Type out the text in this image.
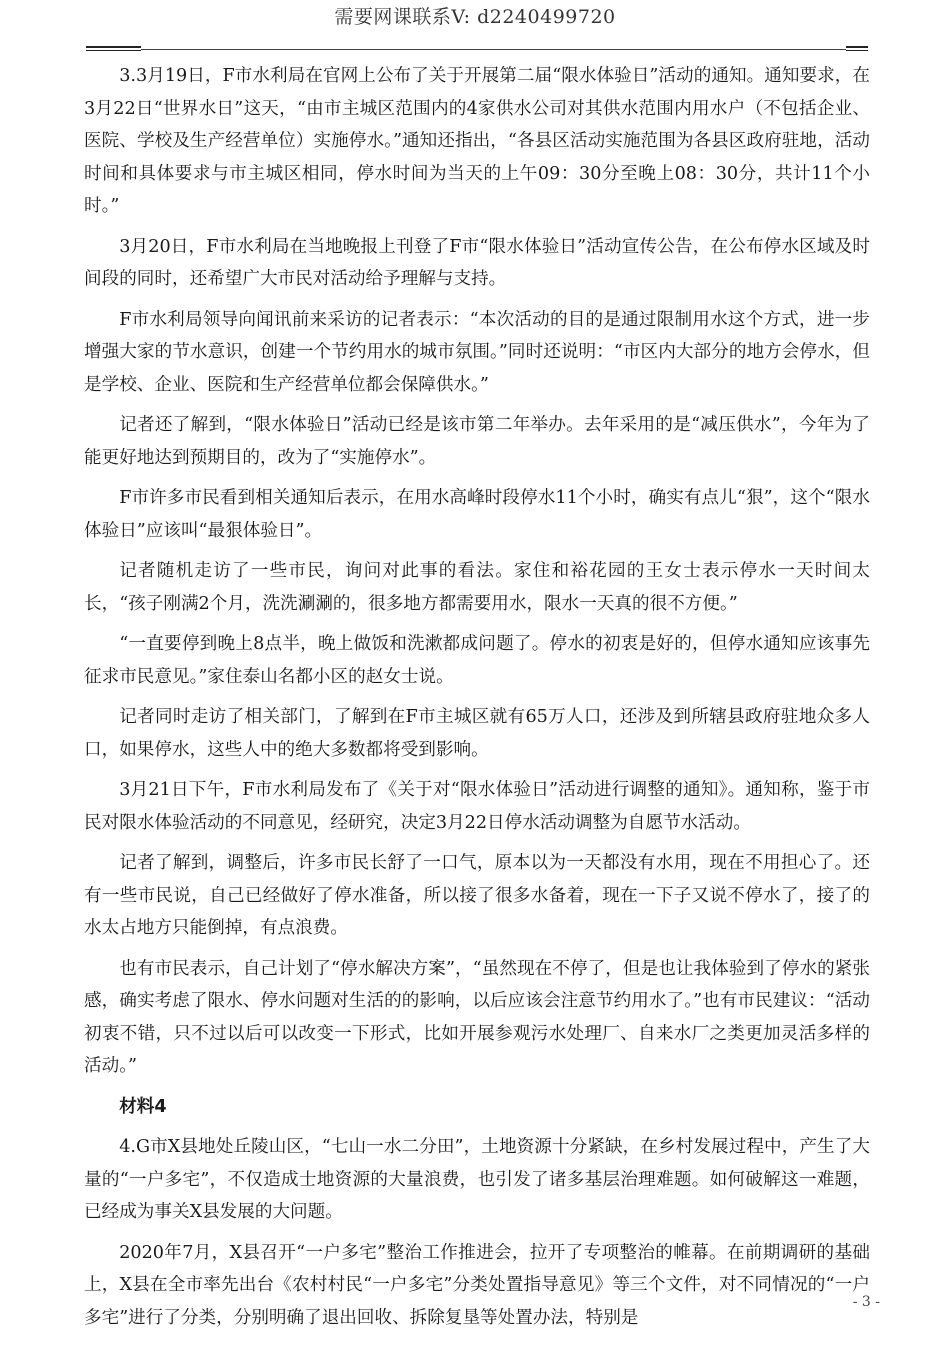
需要网课联系V: d2240499720

3.3月19日，F市水利局在官网上公布了关于开展第二届“限水体验日”活动的通知。通知要求，在3月22日“世界水日”这天，“由市主城区范围内的4家供水公司对其供水范围内用水户（不包括企业、医院、学校及生产经营单位）实施停水。”通知还指出，“各县区活动实施范围为各县区政府驻地，活动时间和具体要求与市主城区相同，停水时间为当天的上午09：30分至晚上08：30分，共计11个小时。”

3月20日，F市水利局在当地晚报上刊登了F市“限水体验日”活动宣传公告，在公布停水区域及时间段的同时，还希望广大市民对活动给予理解与支持。

F市水利局领导向闻讯前来采访的记者表示：“本次活动的目的是通过限制用水这个方式，进一步增强大家的节水意识，创建一个节约用水的城市氛围。”同时还说明：“市区内大部分的地方会停水，但是学校、企业、医院和生产经营单位都会保障供水。”

记者还了解到，“限水体验日”活动已经是该市第二年举办。去年采用的是“减压供水”，今年为了能更好地达到预期目的，改为了“实施停水”。

F市许多市民看到相关通知后表示，在用水高峰时段停水11个小时，确实有点儿“狠”，这个“限水体验日”应该叫“最狠体验日”。

记者随机走访了一些市民，询问对此事的看法。家住和裕花园的王女士表示停水一天时间太长，“孩子刚满2个月，洗洗涮涮的，很多地方都需要用水，限水一天真的很不方便。”

“一直要停到晚上8点半，晚上做饭和洗漱都成问题了。停水的初衷是好的，但停水通知应该事先征求市民意见。”家住泰山名都小区的赵女士说。

记者同时走访了相关部门，了解到在F市主城区就有65万人口，还涉及到所辖县政府驻地众多人口，如果停水，这些人中的绝大多数都将受到影响。

3月21日下午，F市水利局发布了《关于对“限水体验日”活动进行调整的通知》。通知称，鉴于市民对限水体验活动的不同意见，经研究，决定3月22日停水活动调整为自愿节水活动。

记者了解到，调整后，许多市民长舒了一口气，原本以为一天都没有水用，现在不用担心了。还有一些市民说，自己已经做好了停水准备，所以接了很多水备着，现在一下子又说不停水了，接了的水太占地方只能倒掉，有点浪费。

也有市民表示，自己计划了“停水解决方案”，“虽然现在不停了，但是也让我体验到了停水的紧张感，确实考虑了限水、停水问题对生活的的影响，以后应该会注意节约用水了。”也有市民建议：“活动初衷不错，只不过以后可以改变一下形式，比如开展参观污水处理厂、自来水厂之类更加灵活多样的活动。”

材料4

4.G市X县地处丘陵山区，“七山一水二分田”，土地资源十分紧缺，在乡村发展过程中，产生了大量的“一户多宅”，不仅造成士地资源的大量浪费，也引发了诸多基层治理难题。如何破解这一难题，已经成为事关X县发展的大问题。

2020年7月，X县召开“一户多宅”整治工作推进会，拉开了专项整治的帷幕。在前期调研的基础上，X县在全市率先出台《农村村民“一户多宅”分类处置指导意见》等三个文件，对不同情况的“一户多宅”进行了分类，分别明确了退出回收、拆除复垦等处置办法，特别是

- 3 -
